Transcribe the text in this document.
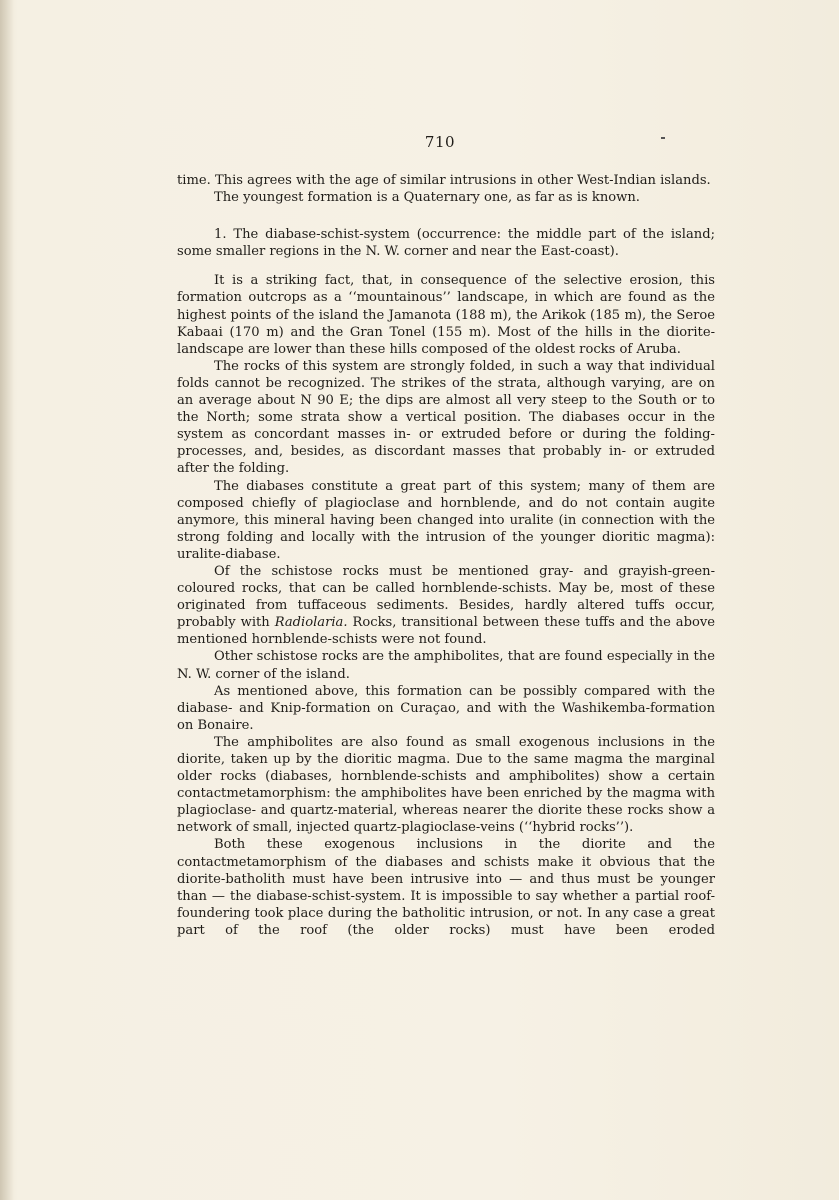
710

time. This agrees with the age of similar intrusions in other West-Indian islands.

The youngest formation is a Quaternary one, as far as is known.

1. The diabase-schist-system (occurrence: the middle part of the island; some smaller regions in the N. W. corner and near the East-coast).

It is a striking fact, that, in consequence of the selective erosion, this formation outcrops as a ‘‘mountainous’’ landscape, in which are found as the highest points of the island the Jamanota (188 m), the Arikok (185 m), the Seroe Kabaai (170 m) and the Gran Tonel (155 m). Most of the hills in the diorite-landscape are lower than these hills composed of the oldest rocks of Aruba.

The rocks of this system are strongly folded, in such a way that individual folds cannot be recognized. The strikes of the strata, although varying, are on an average about N 90 E; the dips are almost all very steep to the South or to the North; some strata show a vertical position. The diabases occur in the system as concordant masses in- or extruded before or during the folding-processes, and, besides, as discordant masses that probably in- or extruded after the folding.

The diabases constitute a great part of this system; many of them are composed chiefly of plagioclase and hornblende, and do not contain augite anymore, this mineral having been changed into uralite (in connection with the strong folding and locally with the intrusion of the younger dioritic magma): uralite-diabase.

Of the schistose rocks must be mentioned gray- and grayish-green-coloured rocks, that can be called hornblende-schists. May be, most of these originated from tuffaceous sediments. Besides, hardly altered tuffs occur, probably with Radiolaria. Rocks, transitional between these tuffs and the above mentioned hornblende-schists were not found.

Other schistose rocks are the amphibolites, that are found especially in the N. W. corner of the island.

As mentioned above, this formation can be possibly compared with the diabase- and Knip-formation on Curaçao, and with the Washikemba-formation on Bonaire.

The amphibolites are also found as small exogenous inclusions in the diorite, taken up by the dioritic magma. Due to the same magma the marginal older rocks (diabases, hornblende-schists and amphibolites) show a certain contactmetamorphism: the amphibolites have been enriched by the magma with plagioclase- and quartz-material, whereas nearer the diorite these rocks show a network of small, injected quartz-plagioclase-veins (‘‘hybrid rocks’’).

Both these exogenous inclusions in the diorite and the contactmetamorphism of the diabases and schists make it obvious that the diorite-batholith must have been intrusive into — and thus must be younger than — the diabase-schist-system. It is impossible to say whether a partial roof-foundering took place during the batholitic intrusion, or not. In any case a great part of the roof (the older rocks) must have been eroded
